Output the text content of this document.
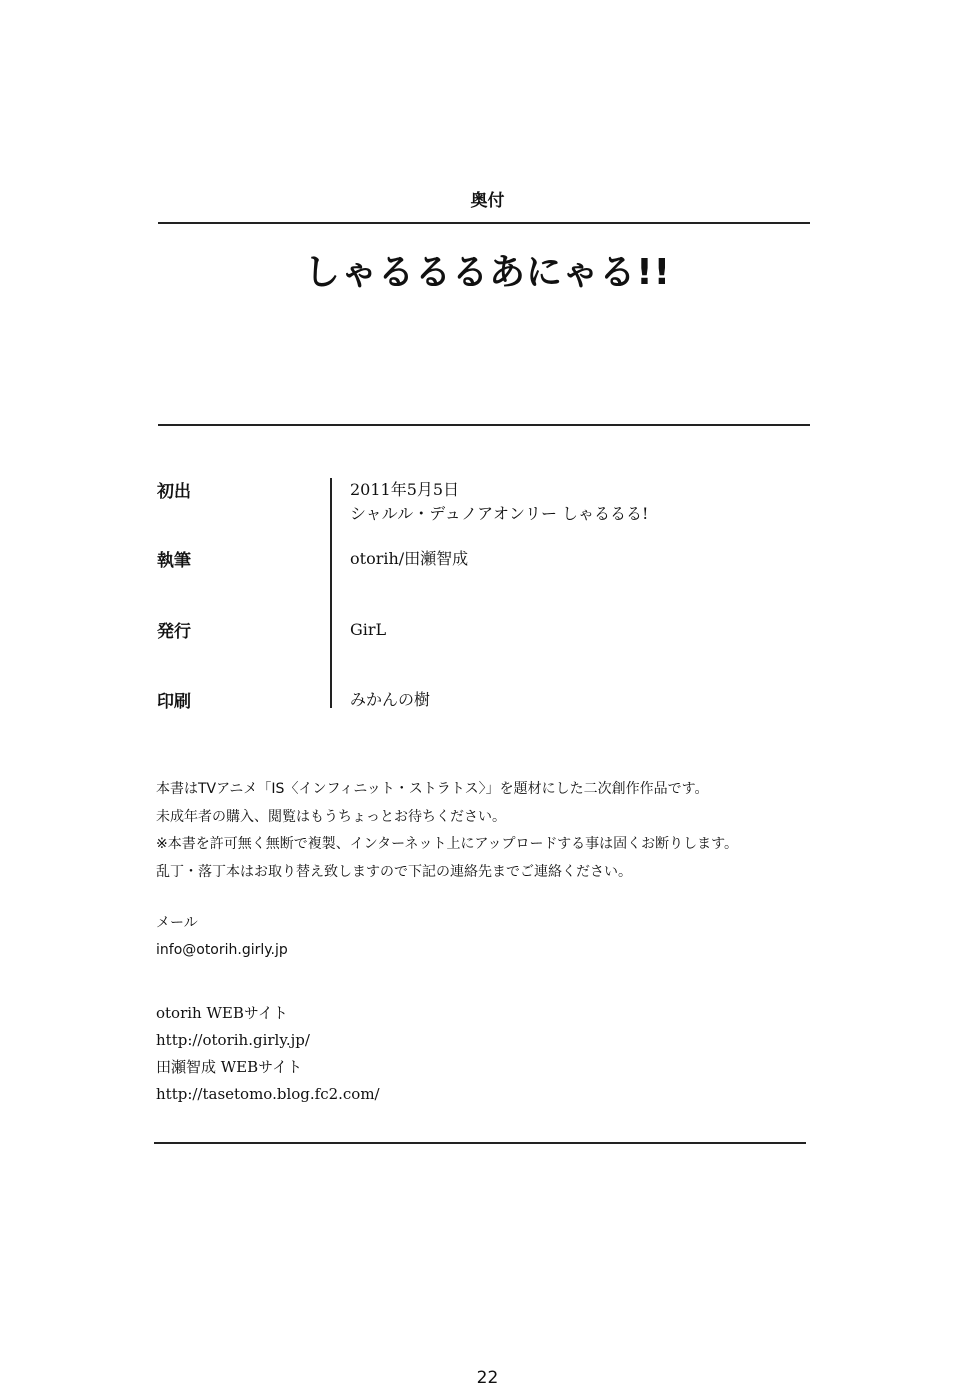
奥付
しゃるるるあにゃる!!
初出	2011年5月5日
シャルル・デュノアオンリー しゃるるる!
執筆	otorih/田瀬智成
発行	GirL
印刷	みかんの樹
本書はTVアニメ「IS〈インフィニット・ストラトス〉」を題材にした二次創作作品です。
未成年者の購入、閲覧はもうちょっとお待ちください。
※本書を許可無く無断で複製、インターネット上にアップロードする事は固くお断りします。
乱丁・落丁本はお取り替え致しますので下記の連絡先までご連絡ください。
メール
info@otorih.girly.jp
otorih WEBサイト
http://otorih.girly.jp/
田瀬智成 WEBサイト
http://tasetomo.blog.fc2.com/
22
